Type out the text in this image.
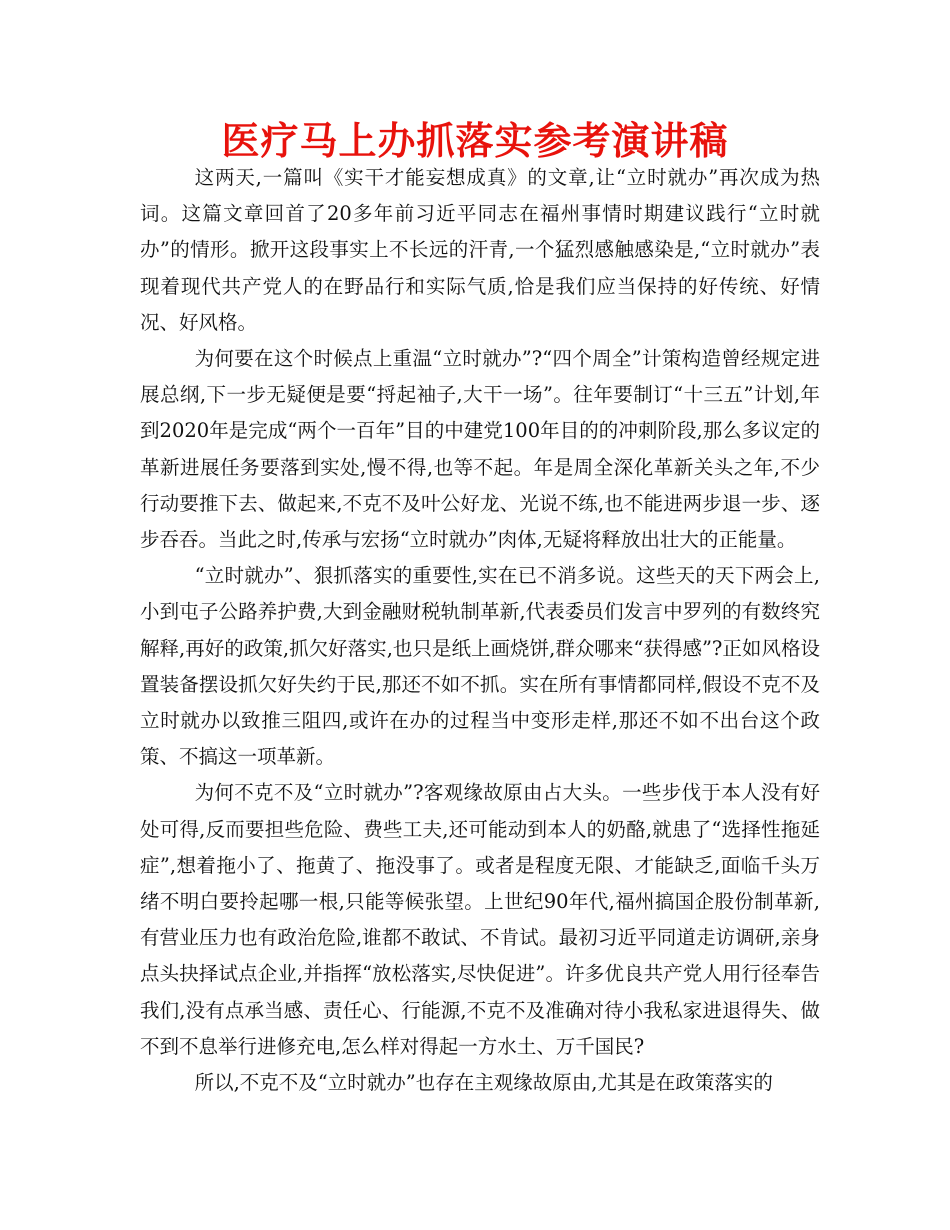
医疗马上办抓落实参考演讲稿

这两天,一篇叫《实干才能妄想成真》的文章,让“立时就办”再次成为热词。这篇文章回首了20多年前习近平同志在福州事情时期建议践行“立时就办”的情形。掀开这段事实上不长远的汗青,一个猛烈感触感染是,“立时就办”表现着现代共产党人的在野品行和实际气质,恰是我们应当保持的好传统、好情况、好风格。

为何要在这个时候点上重温“立时就办”?“四个周全”计策构造曾经规定进展总纲,下一步无疑便是要“捋起袖子,大干一场”。往年要制订“十三五”计划,年到2020年是完成“两个一百年”目的中建党100年目的的冲刺阶段,那么多议定的革新进展任务要落到实处,慢不得,也等不起。年是周全深化革新关头之年,不少行动要推下去、做起来,不克不及叶公好龙、光说不练,也不能进两步退一步、逐步吞吞。当此之时,传承与宏扬“立时就办”肉体,无疑将释放出壮大的正能量。

“立时就办”、狠抓落实的重要性,实在已不消多说。这些天的天下两会上,小到屯子公路养护费,大到金融财税轨制革新,代表委员们发言中罗列的有数终究解释,再好的政策,抓欠好落实,也只是纸上画烧饼,群众哪来“获得感”?正如风格设置装备摆设抓欠好失约于民,那还不如不抓。实在所有事情都同样,假设不克不及立时就办以致推三阻四,或许在办的过程当中变形走样,那还不如不出台这个政策、不搞这一项革新。

为何不克不及“立时就办”?客观缘故原由占大头。一些步伐于本人没有好处可得,反而要担些危险、费些工夫,还可能动到本人的奶酪,就患了“选择性拖延症”,想着拖小了、拖黄了、拖没事了。或者是程度无限、才能缺乏,面临千头万绪不明白要拎起哪一根,只能等候张望。上世纪90年代,福州搞国企股份制革新,有营业压力也有政治危险,谁都不敢试、不肯试。最初习近平同道走访调研,亲身点头抉择试点企业,并指挥“放松落实,尽快促进”。许多优良共产党人用行径奉告我们,没有点承当感、责任心、行能源,不克不及准确对待小我私家进退得失、做不到不息举行进修充电,怎么样对得起一方水土、万千国民?

所以,不克不及“立时就办”也存在主观缘故原由,尤其是在政策落实的
